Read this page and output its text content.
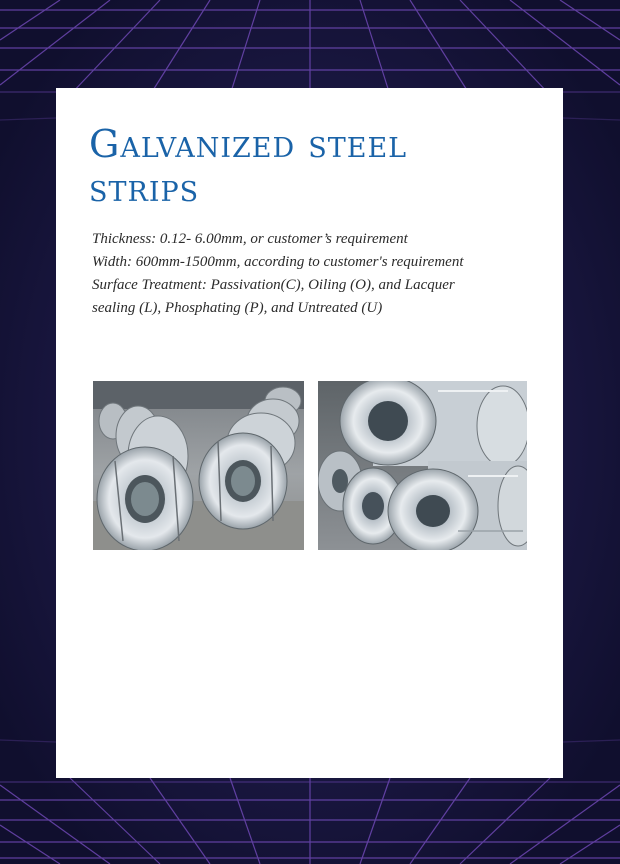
Galvanized steel strips
Thickness: 0.12- 6.00mm, or customer’s requirement
Width: 600mm-1500mm, according to customer's requirement
Surface Treatment: Passivation(C), Oiling (O), and Lacquer
sealing (L), Phosphating (P), and Untreated (U)
